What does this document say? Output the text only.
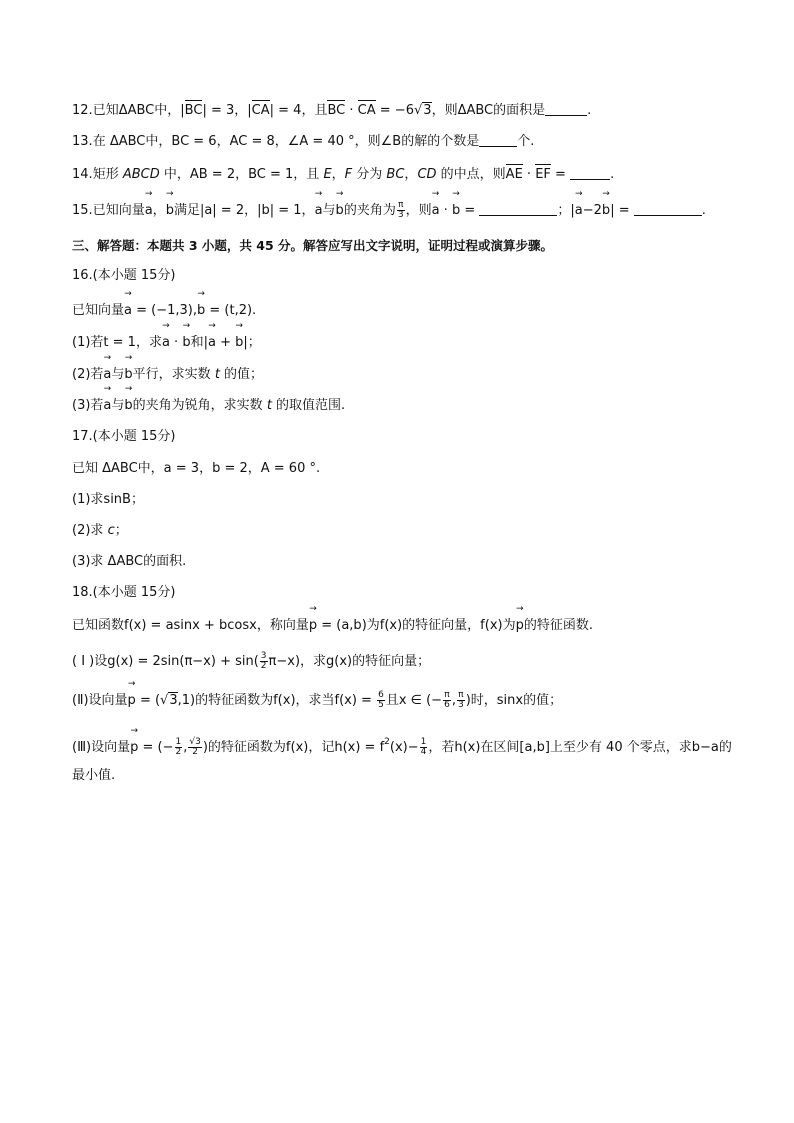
12.已知ΔABC中，|BC| = 3，|CA| = 4，且BC · CA = −6√3，则ΔABC的面积是	.
13.在 ΔABC中，BC = 6，AC = 8，∠A = 40 °，则∠B的解的个数是	个.
14.矩形 ABCD 中，AB = 2，BC = 1，且 E，F 分为 BC，CD 的中点，则AE · EF =	.
15.已知向量→ a，→ b满足|a| = 2，|b| = 1，→ a与→ b的夹角为 $\frac{\pi}{3}$ ，则→ a · → b =	；|→ a−2→ b| =	.
三、解答题：本题共 3 小题，共 45 分。解答应写出文字说明，证明过程或演算步骤。
16.(本小题 15分)
已知向量→ a = (−1,3),→ b = (t,2).
(1)若t = 1，求→ a · → b和|→ a + → b|；
(2)若→ a与→ b平行，求实数 t 的值；
(3)若→ a与→ b的夹角为锐角，求实数 t 的取值范围.
17.(本小题 15分)
已知 ΔABC中，a = 3，b = 2，A = 60 °.
(1)求sinB；
(2)求 c；
(3)求 ΔABC的面积.
18.(本小题 15分)
已知函数f(x) = asinx + bcosx，称向量→ p = (a,b)为f(x)的特征向量，f(x)为→ p的特征函数.
( I )设$g(x) = 2\sin(\pi-x) + \sin( \frac{3}{2} \pi-x)$，求g(x)的特征向量；
(Ⅱ)设向量→ p = (√3,1)的特征函数为f(x)，求当$f(x) = \frac{6}{5}$ 且x ∈ (− $\frac{\pi}{6}$ , $\frac{\pi}{3}$ )时，sinx的值；
(Ⅲ)设向量→ p = (− $\frac{1}{2}$ , $\frac{√3}{2}$ )的特征函数为f(x)，记$h(x) = f^2(x)- \frac{1}{4}$ ，若h(x)在区间[a,b]上至少有 40 个零点，求b−a的
最小值.
